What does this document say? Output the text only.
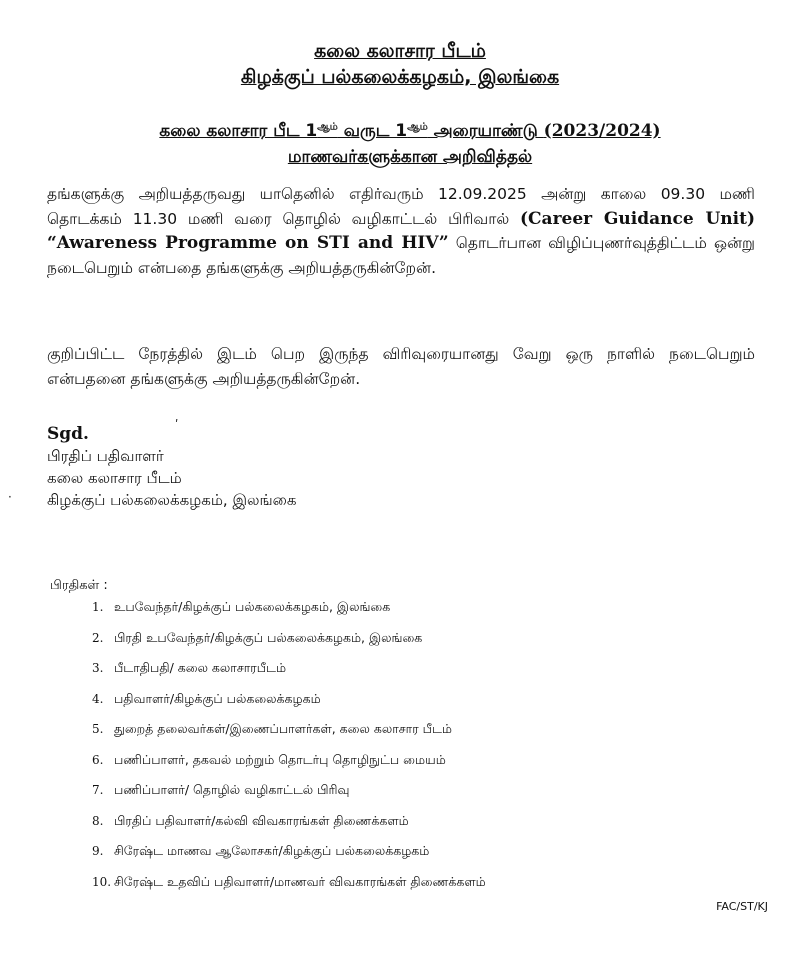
கலை கலாசார பீடம்
கிழக்குப் பல்கலைக்கழகம், இலங்கை
கலை கலாசார பீட $1^{ஆம்}$ வருட $1^{ஆம்}$ அரையாண்டு (2023/2024)
மாணவர்களுக்கான அறிவித்தல்

தங்களுக்கு அறியத்தருவது யாதெனில் எதிர்வரும் 12.09.2025 அன்று காலை 09.30 மணி தொடக்கம் 11.30 மணி வரை தொழில் வழிகாட்டல் பிரிவால் (Career Guidance Unit) “Awareness Programme on STI and HIV” தொடர்பான விழிப்புணர்வுத்திட்டம் ஒன்று நடைபெறும் என்பதை தங்களுக்கு அறியத்தருகின்றேன்.

குறிப்பிட்ட நேரத்தில் இடம் பெற இருந்த விரிவுரையானது வேறு ஒரு நாளில் நடைபெறும் என்பதனை தங்களுக்கு அறியத்தருகின்றேன்.

ʹ
·
Sgd.
பிரதிப் பதிவாளர்
கலை கலாசார பீடம்
கிழக்குப் பல்கலைக்கழகம், இலங்கை
பிரதிகள் :
1. உபவேந்தர்/கிழக்குப் பல்கலைக்கழகம், இலங்கை
2. பிரதி உபவேந்தர்/கிழக்குப் பல்கலைக்கழகம், இலங்கை
3. பீடாதிபதி/ கலை கலாசாரபீடம்
4. பதிவாளர்/கிழக்குப் பல்கலைக்கழகம்
5. துறைத் தலைவர்கள்/இணைப்பாளர்கள், கலை கலாசார பீடம்
6. பணிப்பாளர், தகவல் மற்றும் தொடர்பு தொழிநுட்ப மையம்
7. பணிப்பாளர்/ தொழில் வழிகாட்டல் பிரிவு
8. பிரதிப் பதிவாளர்/கல்வி விவகாரங்கள் திணைக்களம்
9. சிரேஷ்ட மாணவ ஆலோசகர்/கிழக்குப் பல்கலைக்கழகம்
10. சிரேஷ்ட உதவிப் பதிவாளர்/மாணவர் விவகாரங்கள் திணைக்களம்
FAC/ST/KJ
